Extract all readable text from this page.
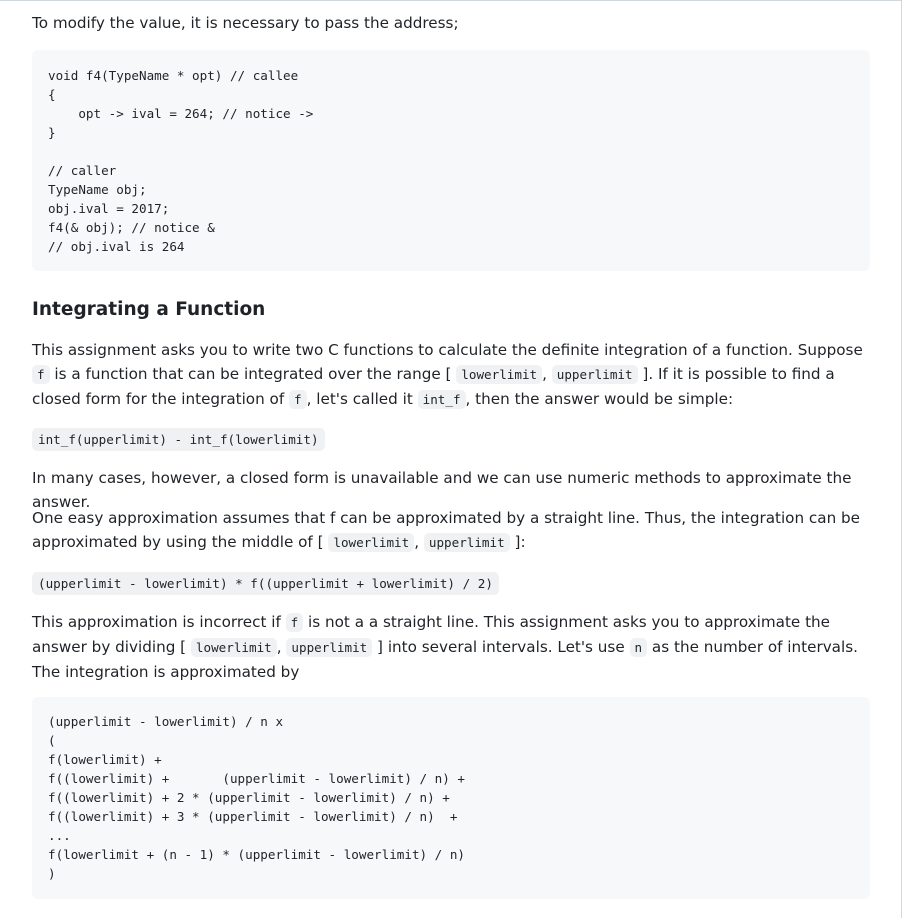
To modify the value, it is necessary to pass the address;

void f4(TypeName * opt) // callee
{
opt -> ival = 264; // notice ->
}

// caller
TypeName obj;
obj.ival = 2017;
f4(& obj); // notice &
// obj.ival is 264
Integrating a Function

This assignment asks you to write two C functions to calculate the definite integration of a function. Suppose f is a function that can be integrated over the range [ lowerlimit , upperlimit ]. If it is possible to find a closed form for the integration of f , let's called it int_f , then the answer would be simple:

int_f(upperlimit) - int_f(lowerlimit)

In many cases, however, a closed form is unavailable and we can use numeric methods to approximate the answer.

One easy approximation assumes that f can be approximated by a straight line. Thus, the integration can be approximated by using the middle of [ lowerlimit , upperlimit ]:

(upperlimit - lowerlimit) * f((upperlimit + lowerlimit) / 2)

This approximation is incorrect if f is not a a straight line. This assignment asks you to approximate the answer by dividing [ lowerlimit , upperlimit ] into several intervals. Let's use n as the number of intervals. The integration is approximated by

(upperlimit - lowerlimit) / n x
(
f(lowerlimit) +
f((lowerlimit) +       (upperlimit - lowerlimit) / n) +
f((lowerlimit) + 2 * (upperlimit - lowerlimit) / n) +
f((lowerlimit) + 3 * (upperlimit - lowerlimit) / n)  +
...
f(lowerlimit + (n - 1) * (upperlimit - lowerlimit) / n)
)
